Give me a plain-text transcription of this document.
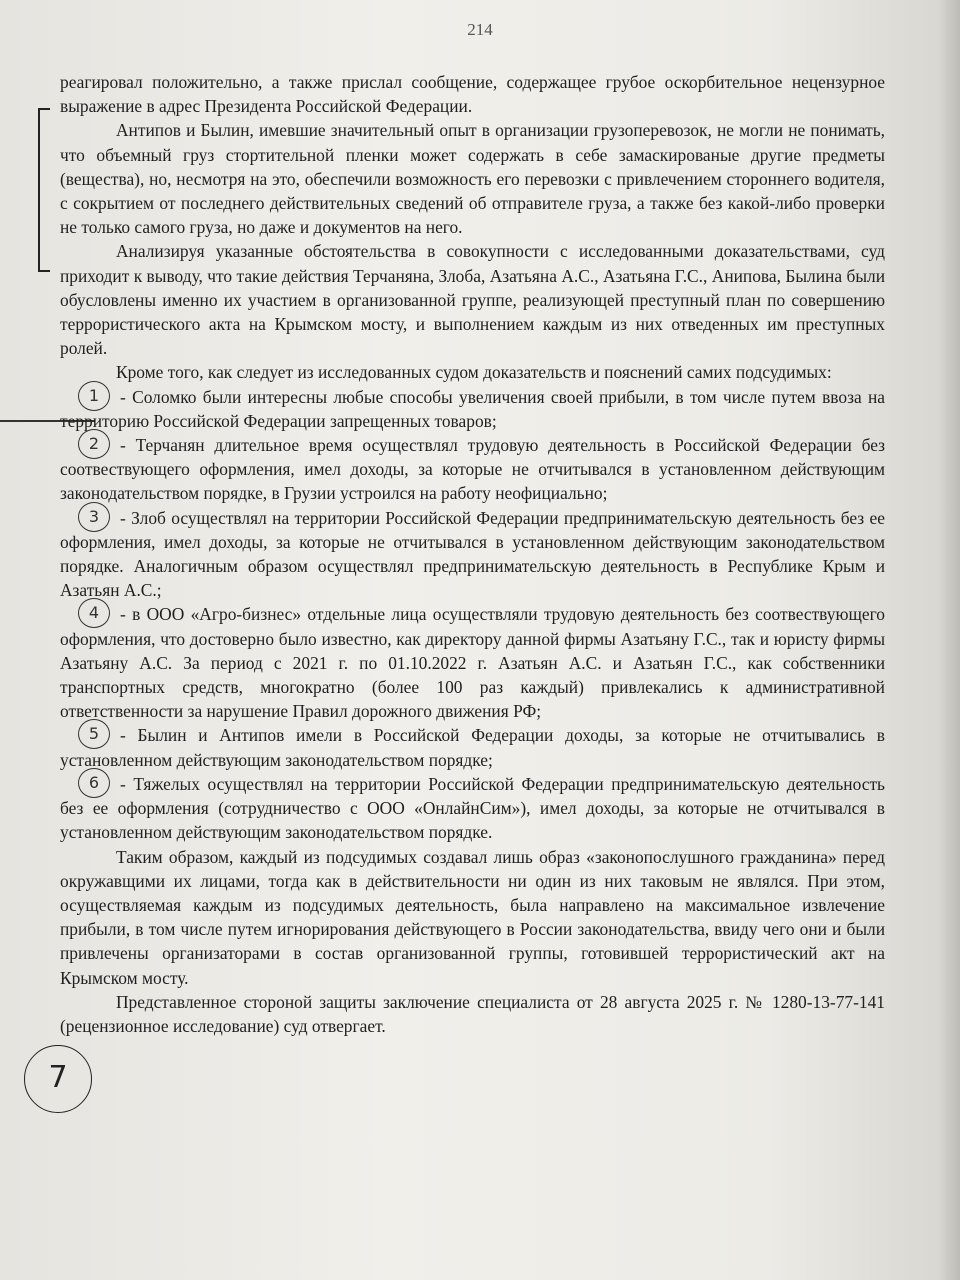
214
7

реагировал положительно, а также прислал сообщение, содержащее грубое оскорбительное нецензурное выражение в адрес Президента Российской Федерации.

Антипов и Былин, имевшие значительный опыт в организации грузоперевозок, не могли не понимать, что объемный груз стортительной пленки может содержать в себе замаскированые другие предметы (вещества), но, несмотря на это, обеспечили возможность его перевозки с привлечением стороннего водителя, с сокрытием от последнего действительных сведений об отправителе груза, а также без какой-либо проверки не только самого груза, но даже и документов на него.

Анализируя указанные обстоятельства в совокупности с исследованными доказательствами, суд приходит к выводу, что такие действия Терчаняна, Злоба, Азатьяна А.С., Азатьяна Г.С., Анипова, Былина были обусловлены именно их участием в организованной группе, реализующей преступный план по совершению террористического акта на Крымском мосту, и выполнением каждым из них отведенных им преступных ролей.

Кроме того, как следует из исследованных судом доказательств и пояснений самих подсудимых:

1	- Соломко были интересны любые способы увеличения своей прибыли, в том числе путем ввоза на территорию Российской Федерации запрещенных товаров;
2	- Терчанян длительное время осуществлял трудовую деятельность в Российской Федерации без соотвествующего оформления, имел доходы, за которые не отчитывался в установленном действующим законодательством порядке, в Грузии устроился на работу неофициально;
3	- Злоб осуществлял на территории Российской Федерации предпринимательскую деятельность без ее оформления, имел доходы, за которые не отчитывался в установленном действующим законодательством порядке. Аналогичным образом осуществлял предпринимательскую деятельность в Республике Крым и Азатьян А.С.;
4	- в ООО «Агро-бизнес» отдельные лица осуществляли трудовую деятельность без соотвествующего оформления, что достоверно было известно, как директору данной фирмы Азатьяну Г.С., так и юристу фирмы Азатьяну А.С. За период с 2021 г. по 01.10.2022 г. Азатьян А.С. и Азатьян Г.С., как собственники транспортных средств, многократно (более 100 раз каждый) привлекались к административной ответственности за нарушение Правил дорожного движения РФ;
5	- Былин и Антипов имели в Российской Федерации доходы, за которые не отчитывались в установленном действующим законодательством порядке;
6	- Тяжелых осуществлял на территории Российской Федерации предпринимательскую деятельность без ее оформления (сотрудничество с ООО «ОнлайнСим»), имел доходы, за которые не отчитывался в установленном действующим законодательством порядке.

Таким образом, каждый из подсудимых создавал лишь образ «законопослушного гражданина» перед окружавщими их лицами, тогда как в действительности ни один из них таковым не являлся. При этом, осуществляемая каждым из подсудимых деятельность, была направлено на максимальное извлечение прибыли, в том числе путем игнорирования действующего в России законодательства, ввиду чего они и были привлечены организаторами в состав организованной группы, готовившей террористический акт на Крымском мосту.

Представленное стороной защиты заключение специалиста от 28 августа 2025 г. № 1280-13-77-141 (рецензионное исследование) суд отвергает.
